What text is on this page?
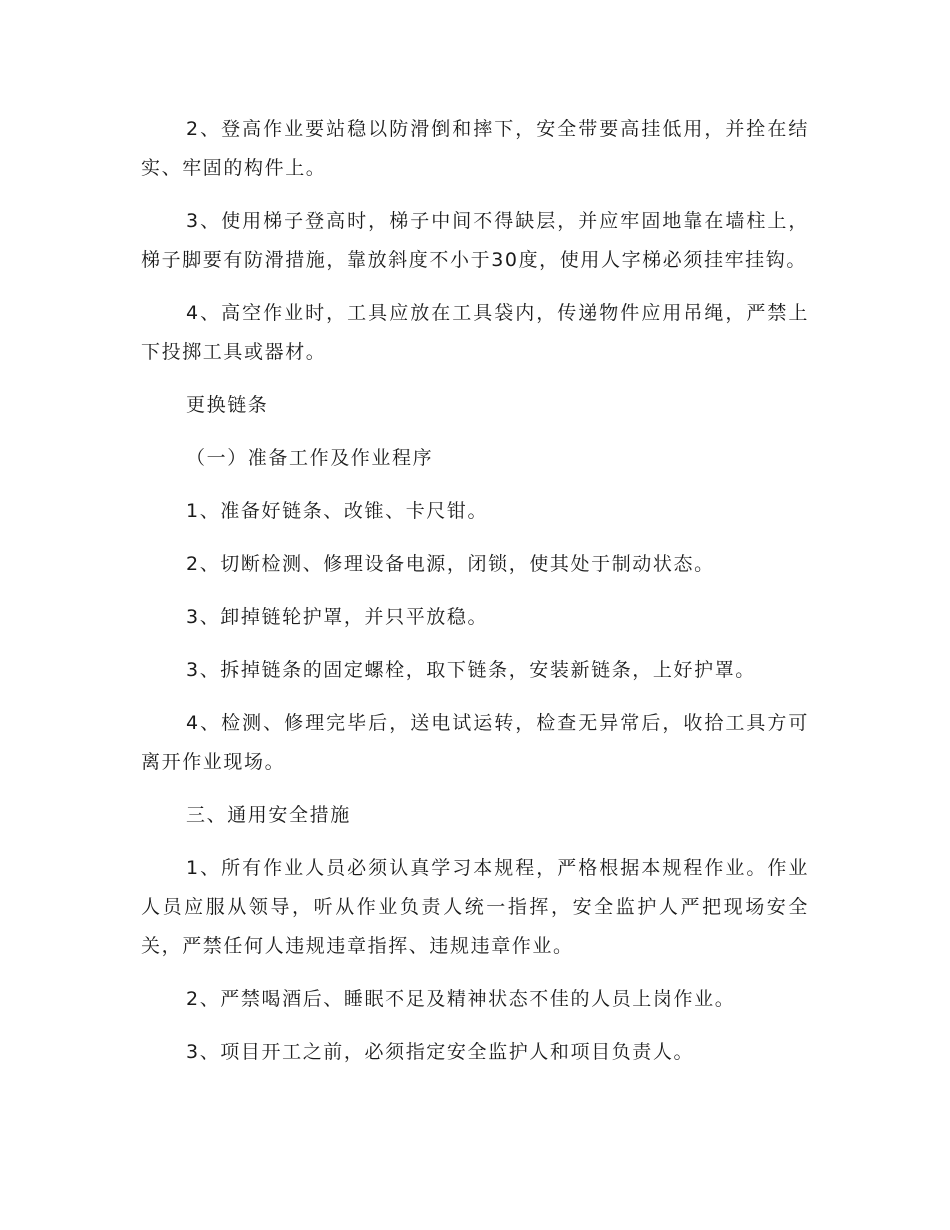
2、登高作业要站稳以防滑倒和摔下，安全带要高挂低用，并拴在结实、牢固的构件上。

3、使用梯子登高时，梯子中间不得缺层，并应牢固地靠在墙柱上，梯子脚要有防滑措施，靠放斜度不小于30度，使用人字梯必须挂牢挂钩。

4、高空作业时，工具应放在工具袋内，传递物件应用吊绳，严禁上下投掷工具或器材。

更换链条

（一）准备工作及作业程序

1、准备好链条、改锥、卡尺钳。

2、切断检测、修理设备电源，闭锁，使其处于制动状态。

3、卸掉链轮护罩，并只平放稳。

3、拆掉链条的固定螺栓，取下链条，安装新链条，上好护罩。

4、检测、修理完毕后，送电试运转，检查无异常后，收拾工具方可离开作业现场。

三、通用安全措施

1、所有作业人员必须认真学习本规程，严格根据本规程作业。作业人员应服从领导，听从作业负责人统一指挥，安全监护人严把现场安全关，严禁任何人违规违章指挥、违规违章作业。

2、严禁喝酒后、睡眠不足及精神状态不佳的人员上岗作业。

3、项目开工之前，必须指定安全监护人和项目负责人。
